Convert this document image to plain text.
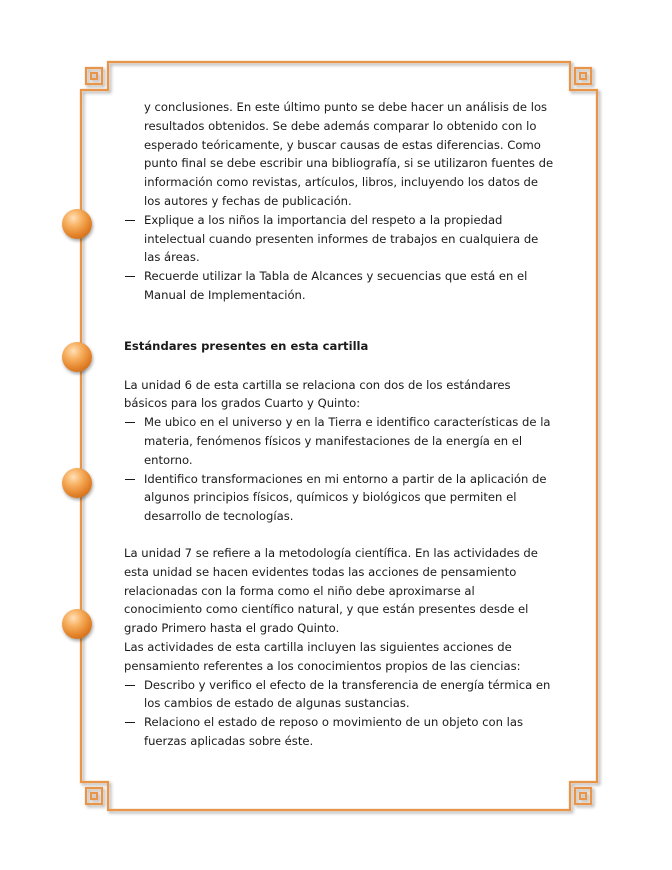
y conclusiones. En este último punto se debe hacer un análisis de los resultados obtenidos. Se debe además comparar lo obtenido con lo esperado teóricamente, y buscar causas de estas diferencias. Como punto final se debe escribir una bibliografía, si se utilizaron fuentes de información como revistas, artículos, libros, incluyendo los datos de los autores y fechas de publicación.

Explique a los niños la importancia del respeto a la propiedad intelectual cuando presenten informes de trabajos en cualquiera de las áreas.
Recuerde utilizar la Tabla de Alcances y secuencias que está en el Manual de Implementación.

Estándares presentes en esta cartilla

La unidad 6 de esta cartilla se relaciona con dos de los estándares básicos para los grados Cuarto y Quinto:

Me ubico en el universo y en la Tierra e identifico características de la materia, fenómenos físicos y manifestaciones de la energía en el entorno.
Identifico transformaciones en mi entorno a partir de la aplicación de algunos principios físicos, químicos y biológicos que permiten el desarrollo de tecnologías.

La unidad 7 se refiere a la metodología científica. En las actividades de esta unidad se hacen evidentes todas las acciones de pensamiento relacionadas con la forma como el niño debe aproximarse al conocimiento como científico natural, y que están presentes desde el grado Primero hasta el grado Quinto.

Las actividades de esta cartilla incluyen las siguientes acciones de pensamiento referentes a los conocimientos propios de las ciencias:

Describo y verifico el efecto de la transferencia de energía térmica en los cambios de estado de algunas sustancias.
Relaciono el estado de reposo o movimiento de un objeto con las fuerzas aplicadas sobre éste.
